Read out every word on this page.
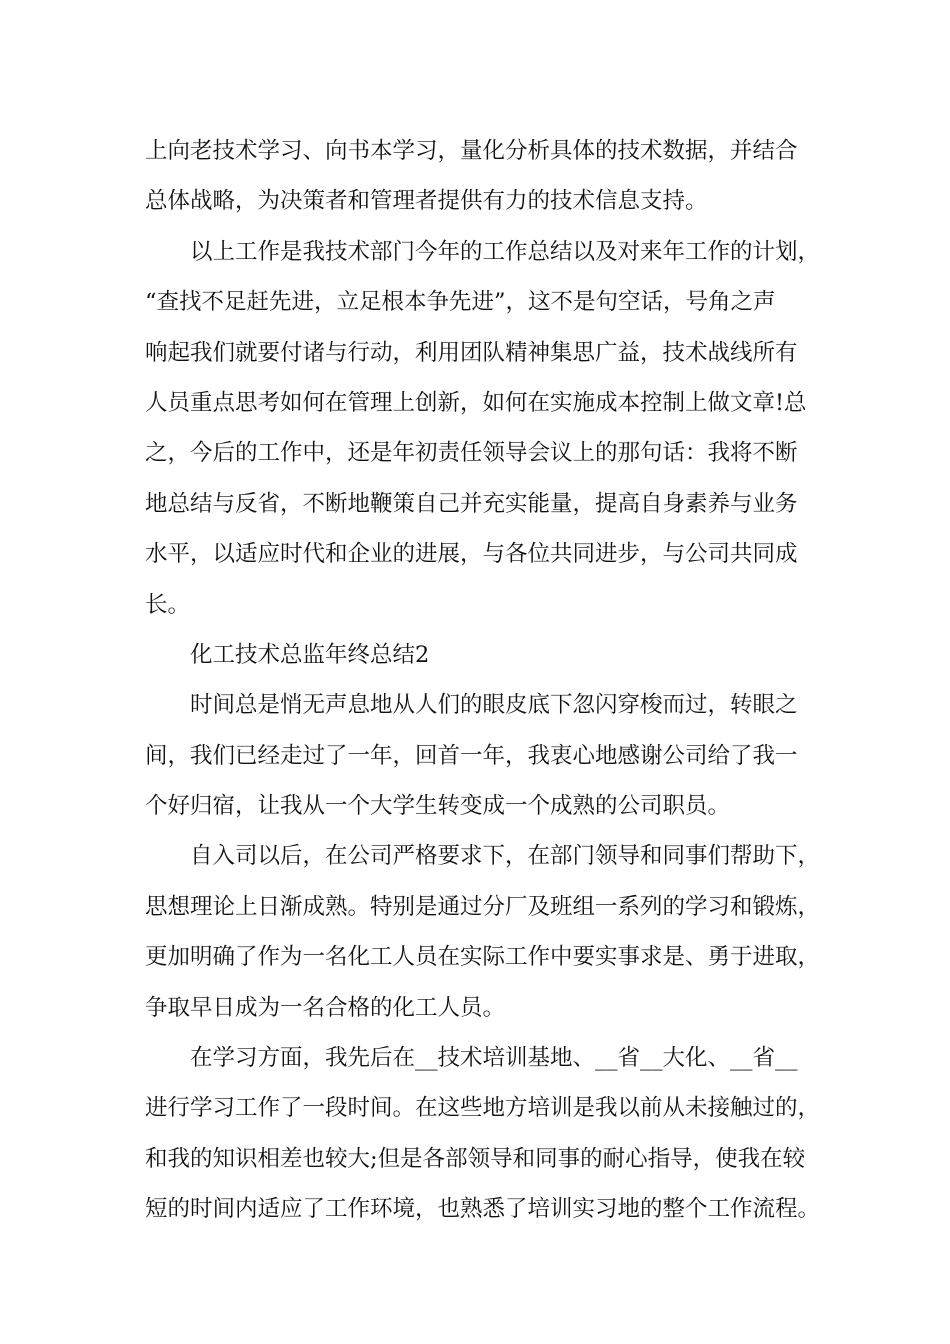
上向老技术学习、向书本学习，量化分析具体的技术数据，并结合
总体战略，为决策者和管理者提供有力的技术信息支持。
以上工作是我技术部门今年的工作总结以及对来年工作的计划，
“查找不足赶先进，立足根本争先进”，这不是句空话，号角之声
响起我们就要付诸与行动，利用团队精神集思广益，技术战线所有
人员重点思考如何在管理上创新，如何在实施成本控制上做文章!总
之，今后的工作中，还是年初责任领导会议上的那句话：我将不断
地总结与反省，不断地鞭策自己并充实能量，提高自身素养与业务
水平，以适应时代和企业的进展，与各位共同进步，与公司共同成
长。
化工技术总监年终总结2
时间总是悄无声息地从人们的眼皮底下忽闪穿梭而过，转眼之
间，我们已经走过了一年，回首一年，我衷心地感谢公司给了我一
个好归宿，让我从一个大学生转变成一个成熟的公司职员。
自入司以后，在公司严格要求下，在部门领导和同事们帮助下，
思想理论上日渐成熟。特别是通过分厂及班组一系列的学习和锻炼，
更加明确了作为一名化工人员在实际工作中要实事求是、勇于进取，
争取早日成为一名合格的化工人员。
在学习方面，我先后在__技术培训基地、__省__大化、__省__
进行学习工作了一段时间。在这些地方培训是我以前从未接触过的，
和我的知识相差也较大;但是各部领导和同事的耐心指导，使我在较
短的时间内适应了工作环境，也熟悉了培训实习地的整个工作流程。
